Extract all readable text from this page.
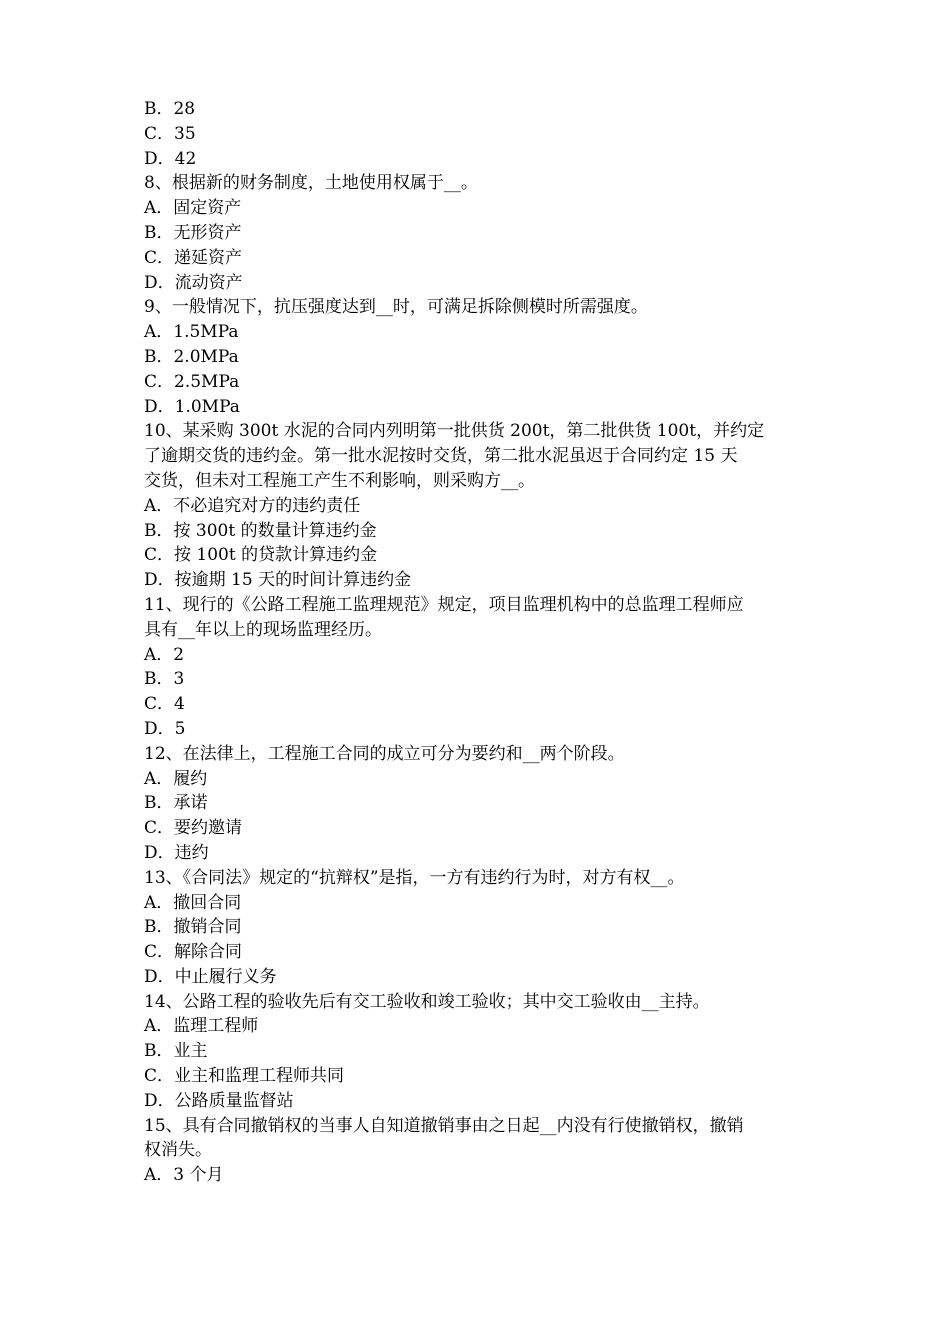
B．28
C．35
D．42
8、根据新的财务制度，土地使用权属于__。
A．固定资产
B．无形资产
C．递延资产
D．流动资产
9、一般情况下，抗压强度达到__时，可满足拆除侧模时所需强度。
A．1.5MPa
B．2.0MPa
C．2.5MPa
D．1.0MPa
10、某采购 300t 水泥的合同内列明第一批供货 200t，第二批供货 100t，并约定
了逾期交货的违约金。第一批水泥按时交货，第二批水泥虽迟于合同约定 15 天
交货，但未对工程施工产生不利影响，则采购方__。
A．不必追究对方的违约责任
B．按 300t 的数量计算违约金
C．按 100t 的贷款计算违约金
D．按逾期 15 天的时间计算违约金
11、现行的《公路工程施工监理规范》规定，项目监理机构中的总监理工程师应
具有__年以上的现场监理经历。
A．2
B．3
C．4
D．5
12、在法律上，工程施工合同的成立可分为要约和__两个阶段。
A．履约
B．承诺
C．要约邀请
D．违约
13、《合同法》规定的“抗辩权”是指，一方有违约行为时，对方有权__。
A．撤回合同
B．撤销合同
C．解除合同
D．中止履行义务
14、公路工程的验收先后有交工验收和竣工验收；其中交工验收由__主持。
A．监理工程师
B．业主
C．业主和监理工程师共同
D．公路质量监督站
15、具有合同撤销权的当事人自知道撤销事由之日起__内没有行使撤销权，撤销
权消失。
A．3 个月
